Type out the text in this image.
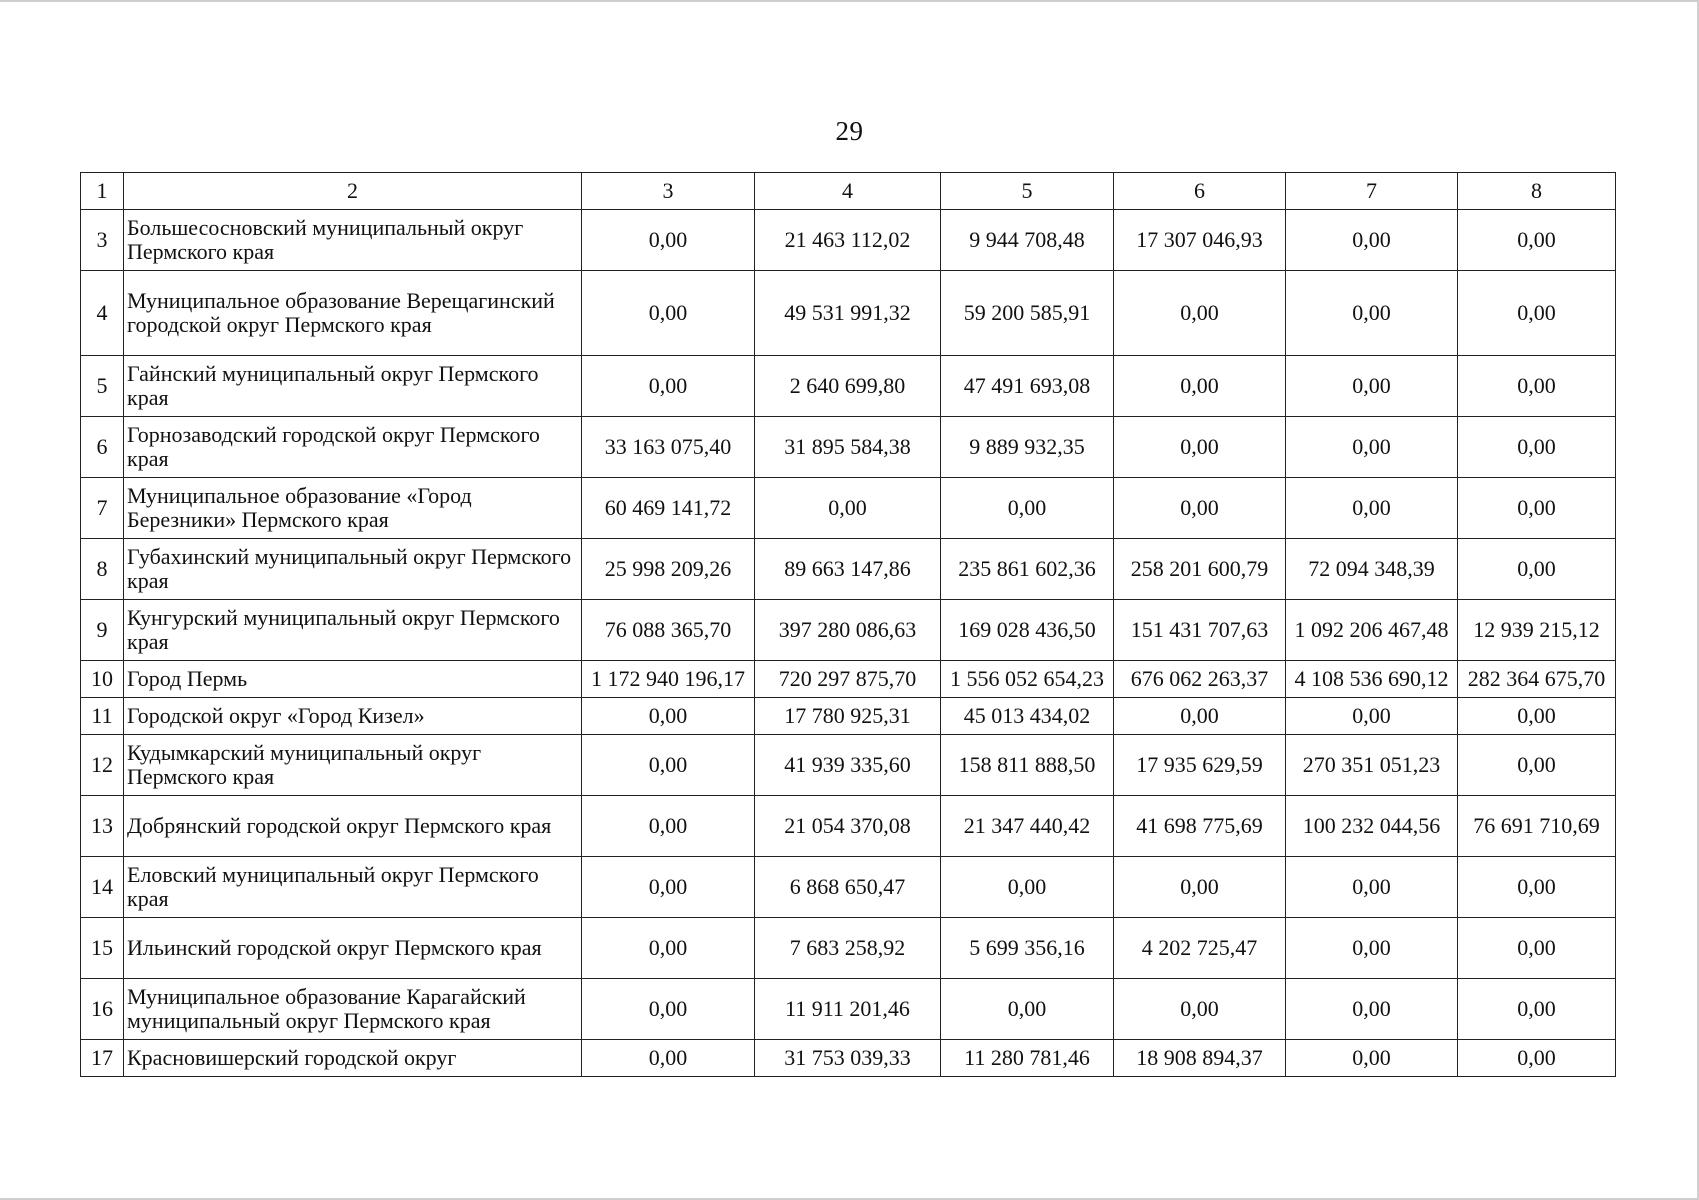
29
1	2	3	4	5	6	7	8
3	Большесосновский муниципальный округ Пермского края	0,00	21 463 112,02	9 944 708,48	17 307 046,93	0,00	0,00
4	Муниципальное образование Верещагинский городской округ Пермского края	0,00	49 531 991,32	59 200 585,91	0,00	0,00	0,00
5	Гайнский муниципальный округ Пермского края	0,00	2 640 699,80	47 491 693,08	0,00	0,00	0,00
6	Горнозаводский городской округ Пермского края	33 163 075,40	31 895 584,38	9 889 932,35	0,00	0,00	0,00
7	Муниципальное образование «Город Березники» Пермского края	60 469 141,72	0,00	0,00	0,00	0,00	0,00
8	Губахинский муниципальный округ Пермского края	25 998 209,26	89 663 147,86	235 861 602,36	258 201 600,79	72 094 348,39	0,00
9	Кунгурский муниципальный округ Пермского края	76 088 365,70	397 280 086,63	169 028 436,50	151 431 707,63	1 092 206 467,48	12 939 215,12
10	Город Пермь	1 172 940 196,17	720 297 875,70	1 556 052 654,23	676 062 263,37	4 108 536 690,12	282 364 675,70
11	Городской округ «Город Кизел»	0,00	17 780 925,31	45 013 434,02	0,00	0,00	0,00
12	Кудымкарский муниципальный округ Пермского края	0,00	41 939 335,60	158 811 888,50	17 935 629,59	270 351 051,23	0,00
13	Добрянский городской округ Пермского края	0,00	21 054 370,08	21 347 440,42	41 698 775,69	100 232 044,56	76 691 710,69
14	Еловский муниципальный округ Пермского края	0,00	6 868 650,47	0,00	0,00	0,00	0,00
15	Ильинский городской округ Пермского края	0,00	7 683 258,92	5 699 356,16	4 202 725,47	0,00	0,00
16	Муниципальное образование Карагайский муниципальный округ Пермского края	0,00	11 911 201,46	0,00	0,00	0,00	0,00
17	Красновишерский городской округ	0,00	31 753 039,33	11 280 781,46	18 908 894,37	0,00	0,00
